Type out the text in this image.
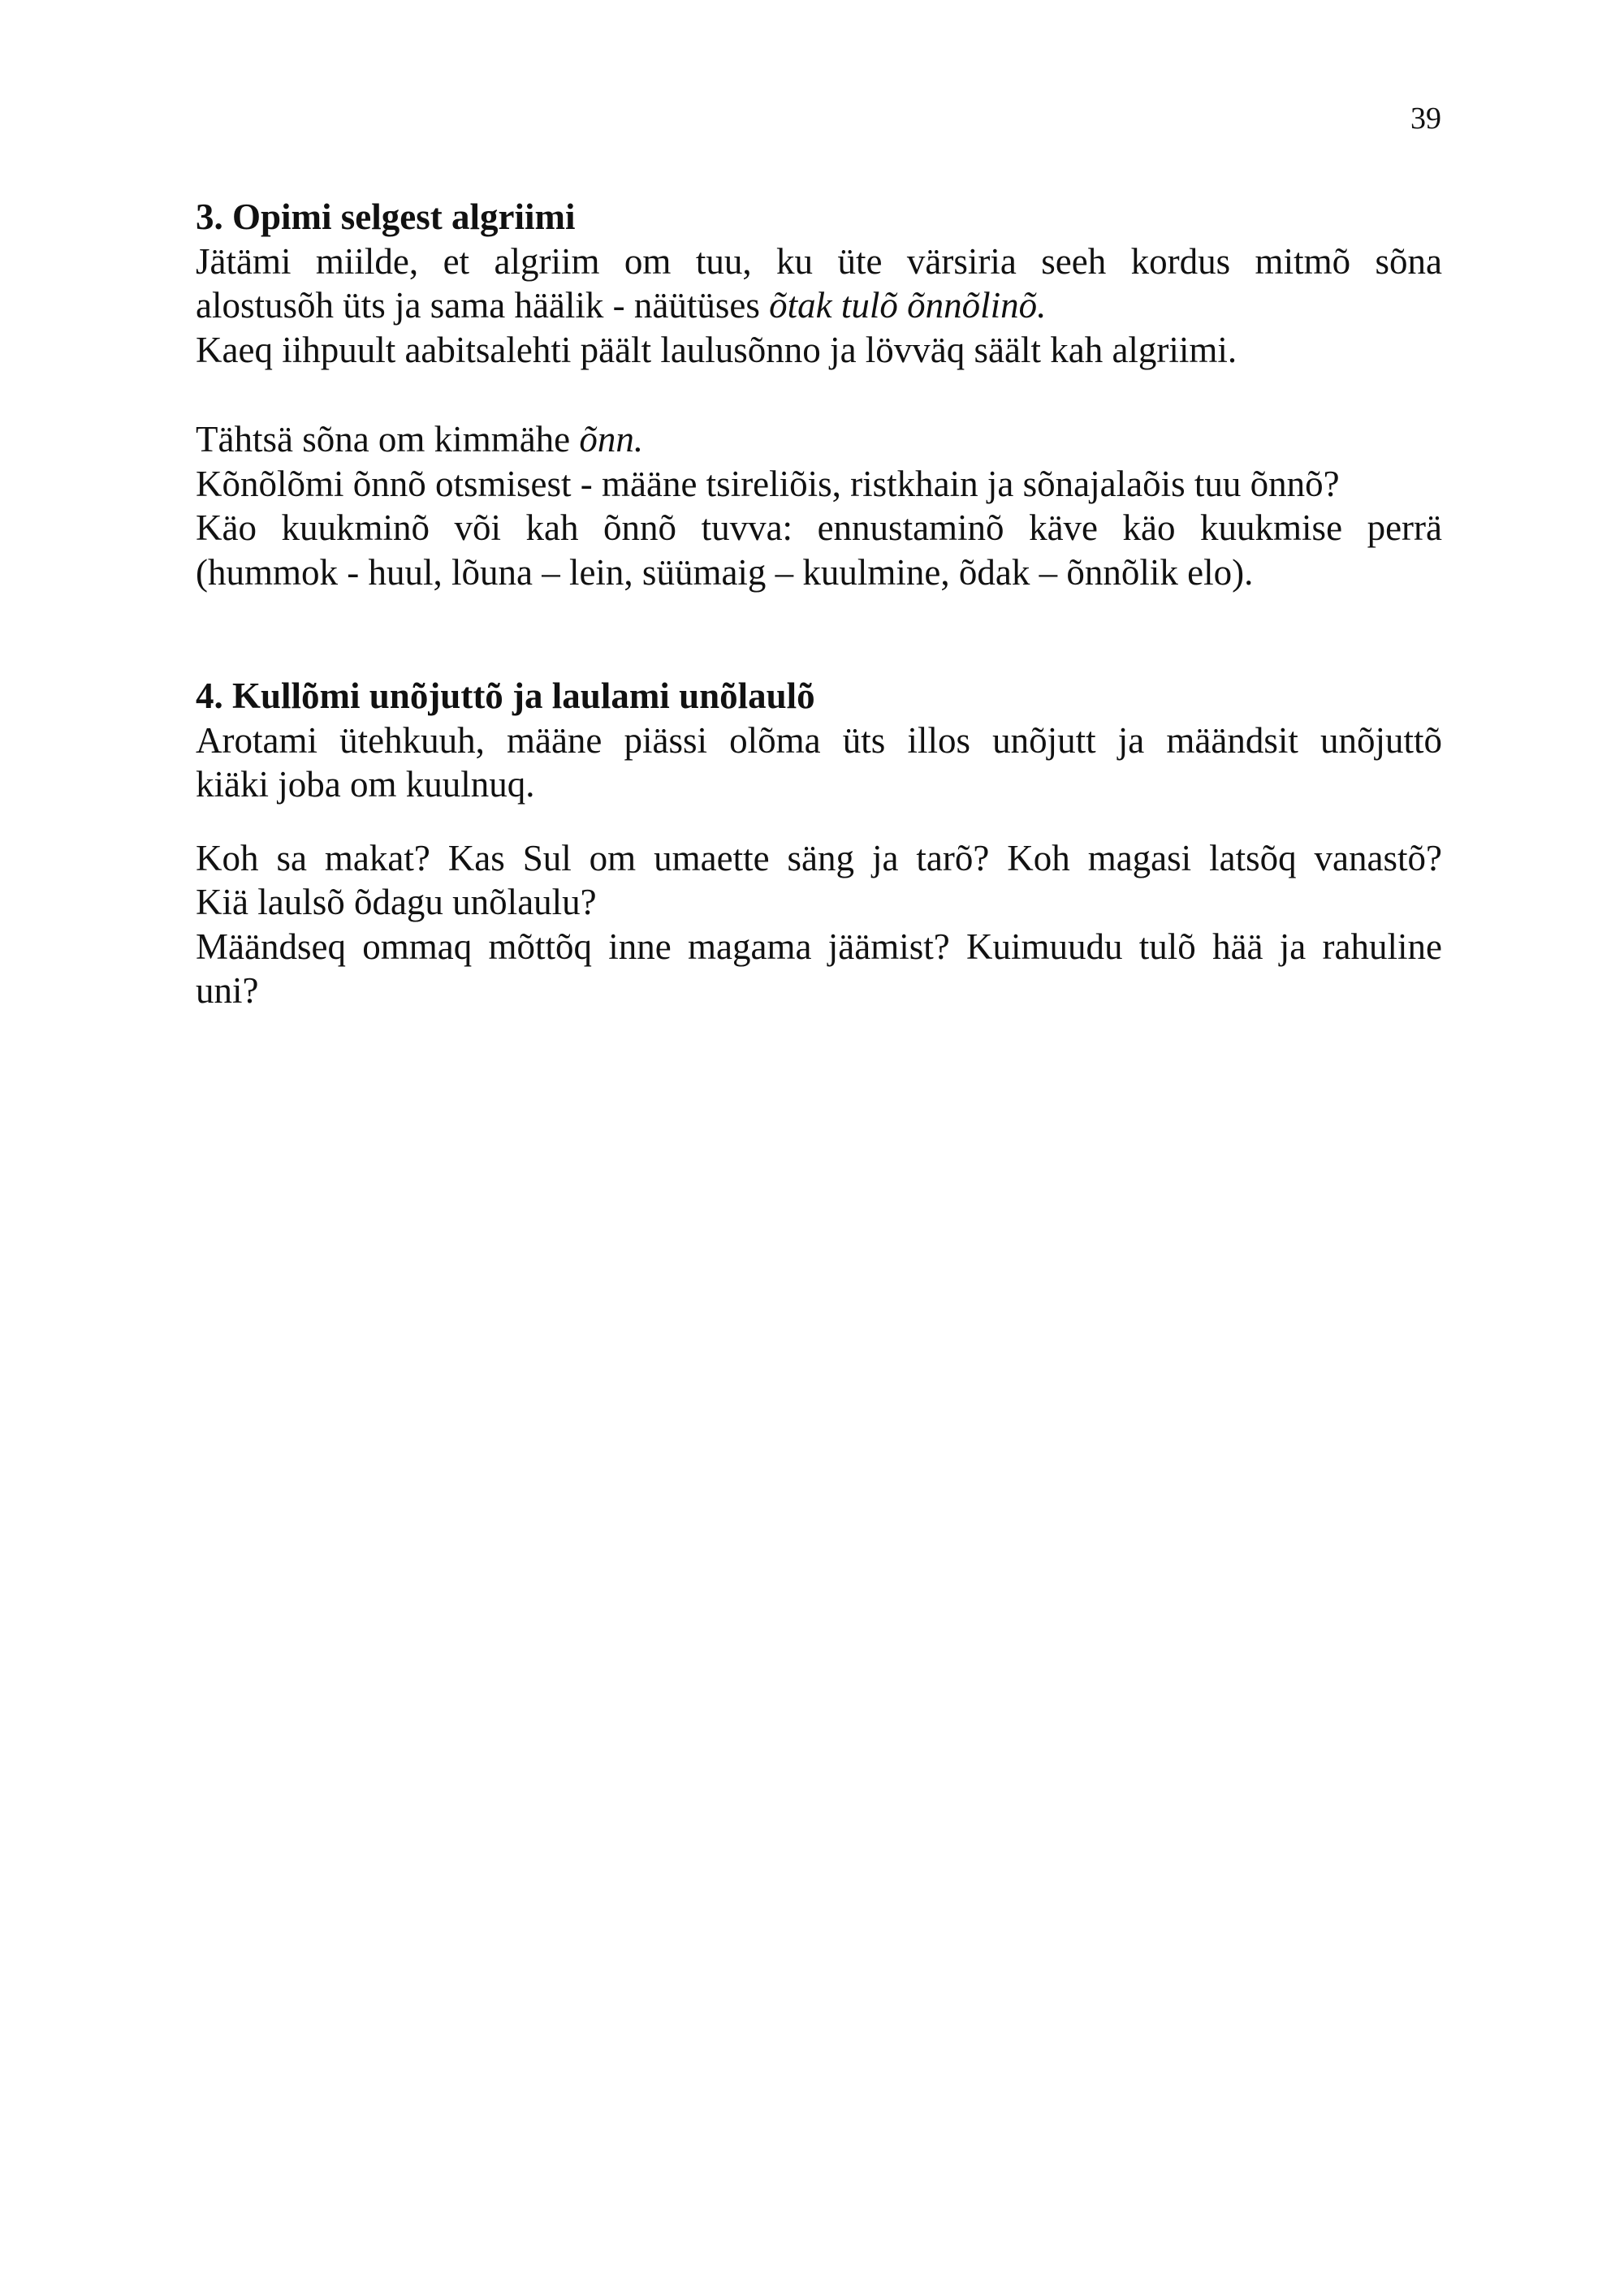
39
3. Opimi selgest algriimi
Jätämi miilde, et algriim om tuu, ku üte värsiria seeh kordus mitmõ sõna
alostusõh üts ja sama häälik - näütüses õtak tulõ õnnõlinõ.
Kaeq iihpuult aabitsalehti päält laulusõnno ja lövväq säält kah algriimi.
Tähtsä sõna om kimmähe õnn.
Kõnõlõmi õnnõ otsmisest - määne tsireliõis, ristkhain ja sõnajalaõis tuu õnnõ?
Käo kuukminõ või kah õnnõ tuvva: ennustaminõ käve käo kuukmise perrä
(hummok - huul, lõuna – lein, süümaig – kuulmine, õdak – õnnõlik elo).
4. Kullõmi unõjuttõ ja laulami unõlaulõ
Arotami ütehkuuh, määne piässi olõma üts illos unõjutt ja määndsit unõjuttõ
kiäki joba om kuulnuq.
Koh sa makat? Kas Sul om umaette säng ja tarõ? Koh magasi latsõq vanastõ?
Kiä laulsõ õdagu unõlaulu?
Määndseq ommaq mõttõq inne magama jäämist? Kuimuudu tulõ hää ja rahuline
uni?
